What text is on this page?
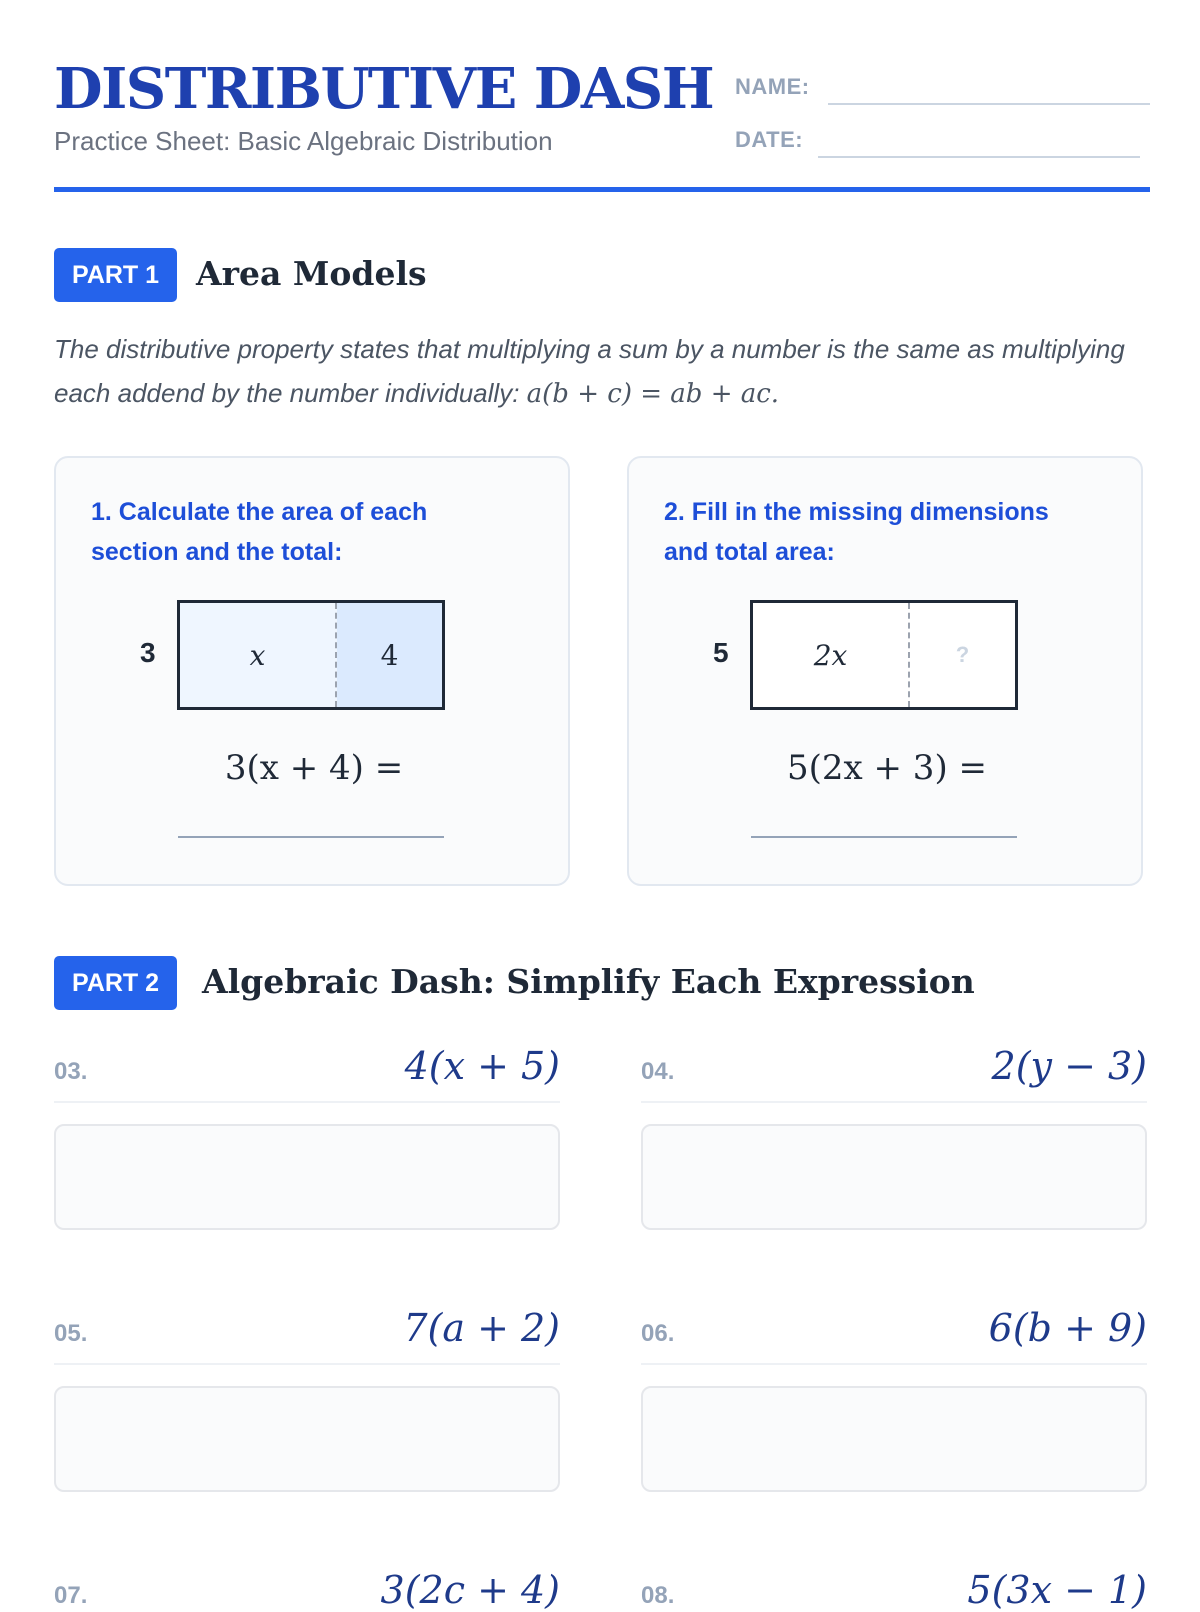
DISTRIBUTIVE DASH
Practice Sheet: Basic Algebraic Distribution
NAME:
DATE:
PART 1	Area Models
The distributive property states that multiplying a sum by a number is the same as multiplying each addend by the number individually: a(b + c) = ab + ac.
1. Calculate the area of each section and the total:
3	x	4
3(x + 4) =
2. Fill in the missing dimensions and total area:
5	2x	?
5(2x + 3) =
PART 2	Algebraic Dash: Simplify Each Expression
03.	4(x + 5)	04.	2(y − 3)
05.	7(a + 2)	06.	6(b + 9)
07.	3(2c + 4)	08.	5(3x − 1)
